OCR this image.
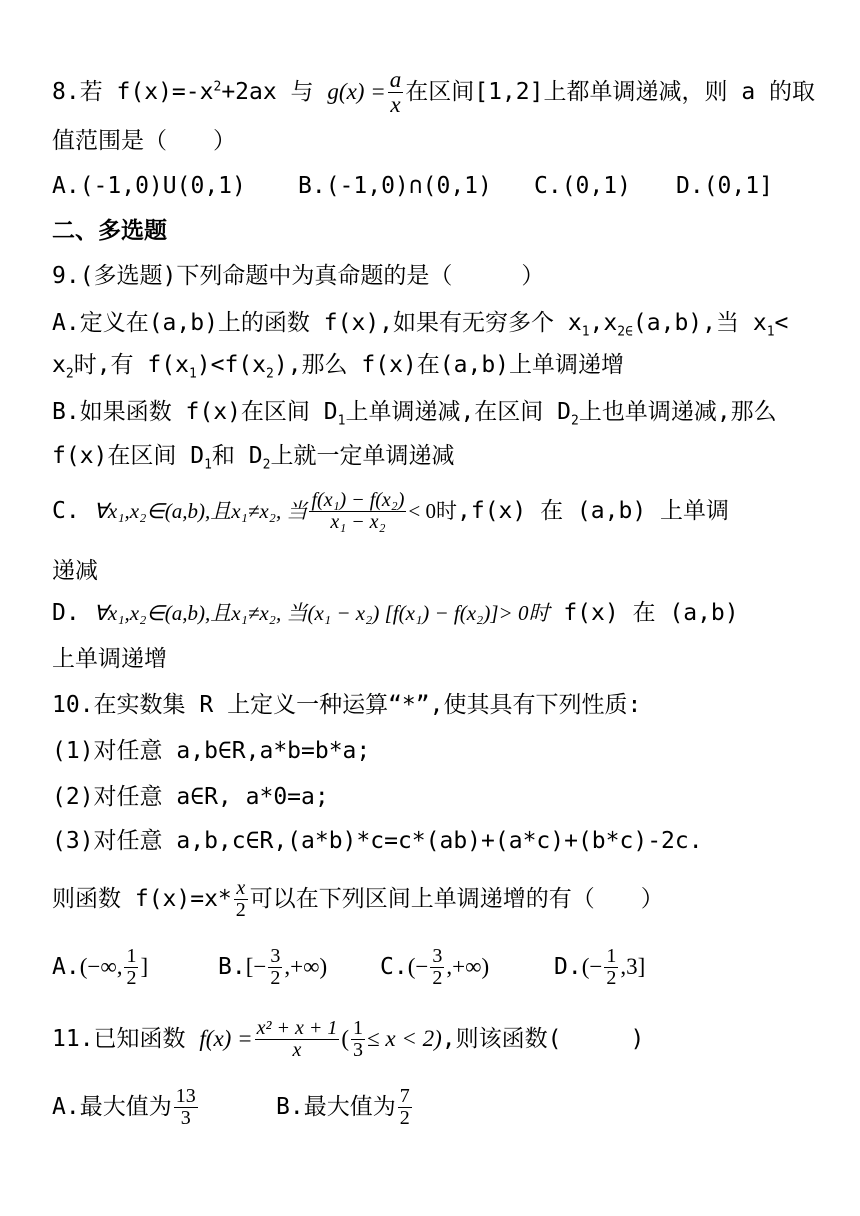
8.若 $f(x)=-x^2+2ax$ 与 $g(x) = \frac{a}{x}$ 在区间[1,2]上都单调递减，则 a 的取
值范围是（　　）
A.(-1,0)U(0,1) B.(-1,0)∩(0,1) C.(0,1) D.(0,1]
二、多选题
9.(多选题)下列命题中为真命题的是（　　　）
A.定义在(a,b)上的函数 f(x),如果有无穷多个 $x_1,x_{2\in}(a,b)$,当 $x_1<$
$x_2$时,有 $f(x_1)<f(x_2)$,那么 f(x)在(a,b)上单调递增
B.如果函数 f(x)在区间 $D_1$上单调递减,在区间 $D_2$上也单调递减,那么
f(x)在区间 $D_1$和 $D_2$上就一定单调递减
C. ∀x₁,x₂∈(a,b),且x₁≠x₂, 当 $\frac{\text{f(x₁) − f(x₂)}}{\text{x₁ − x₂}} < 0$时,f(x) 在 (a,b) 上单调
递减
D. ∀x₁,x₂∈(a,b),且x₁≠x₂, 当(x₁ − x₂) [f(x₁) − f(x₂)]> 0时 f(x) 在 (a,b)
上单调递增
10.在实数集 R 上定义一种运算“*”,使其具有下列性质:
(1)对任意 a,b∈R,a*b=b*a;
(2)对任意 a∈R, a*0=a;
(3)对任意 a,b,c∈R,(a*b)*c=c*(ab)+(a*c)+(b*c)-2c.
则函数 $f(x)=x* \frac{x}{2}$ 可以在下列区间上单调递增的有（　　）
A.(−∞, $\frac{1}{2}$ ]	$B.[- \frac{3}{2}$ ,+∞) $C.(- \frac{3}{2}$ ,+∞)	$D.(- \frac{1}{2} ,3]$
11.已知函数 $f(x) = \frac{\text{x² + x + 1}}{x}$ ( $\frac{1}{3} \le x < 2$),则该函数(　　　)
A.最大值为 $\frac{13}{3}$	B.最大值为 $\frac{7}{2}$
